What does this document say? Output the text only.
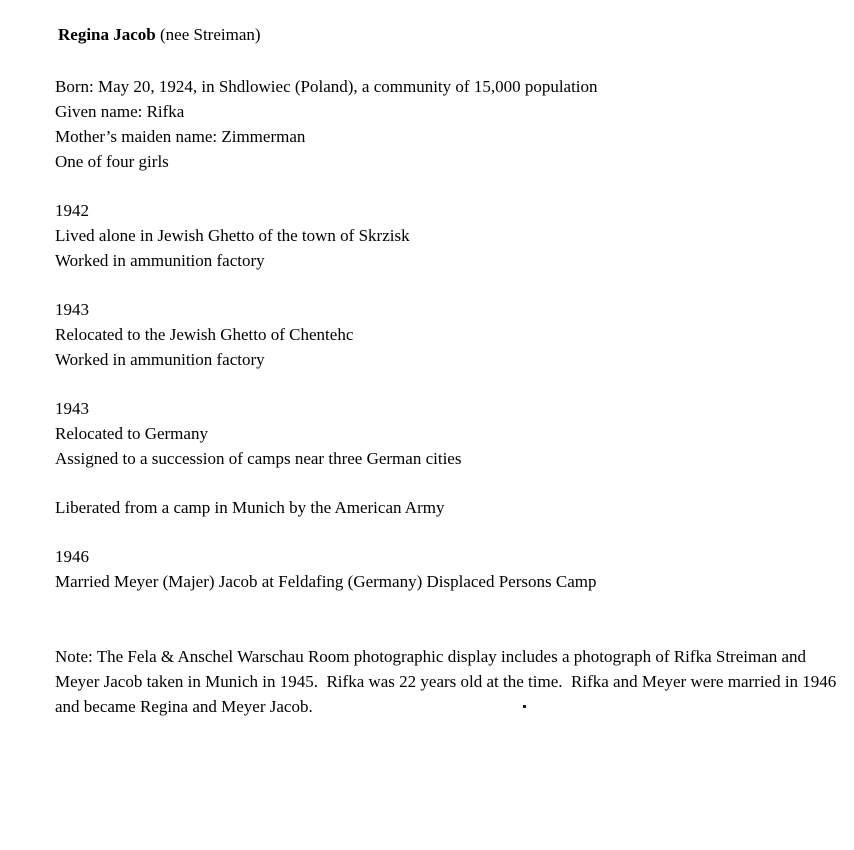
Regina Jacob (nee Streiman)
Born: May 20, 1924, in Shdlowiec (Poland), a community of 15,000 population
Given name: Rifka
Mother’s maiden name: Zimmerman
One of four girls
1942
Lived alone in Jewish Ghetto of the town of Skrzisk
Worked in ammunition factory
1943
Relocated to the Jewish Ghetto of Chentehc
Worked in ammunition factory
1943
Relocated to Germany
Assigned to a succession of camps near three German cities
Liberated from a camp in Munich by the American Army
1946
Married Meyer (Majer) Jacob at Feldafing (Germany) Displaced Persons Camp
Note: The Fela & Anschel Warschau Room photographic display includes a photograph of Rifka Streiman and Meyer Jacob taken in Munich in 1945.  Rifka was 22 years old at the time.  Rifka and Meyer were married in 1946 and became Regina and Meyer Jacob.
